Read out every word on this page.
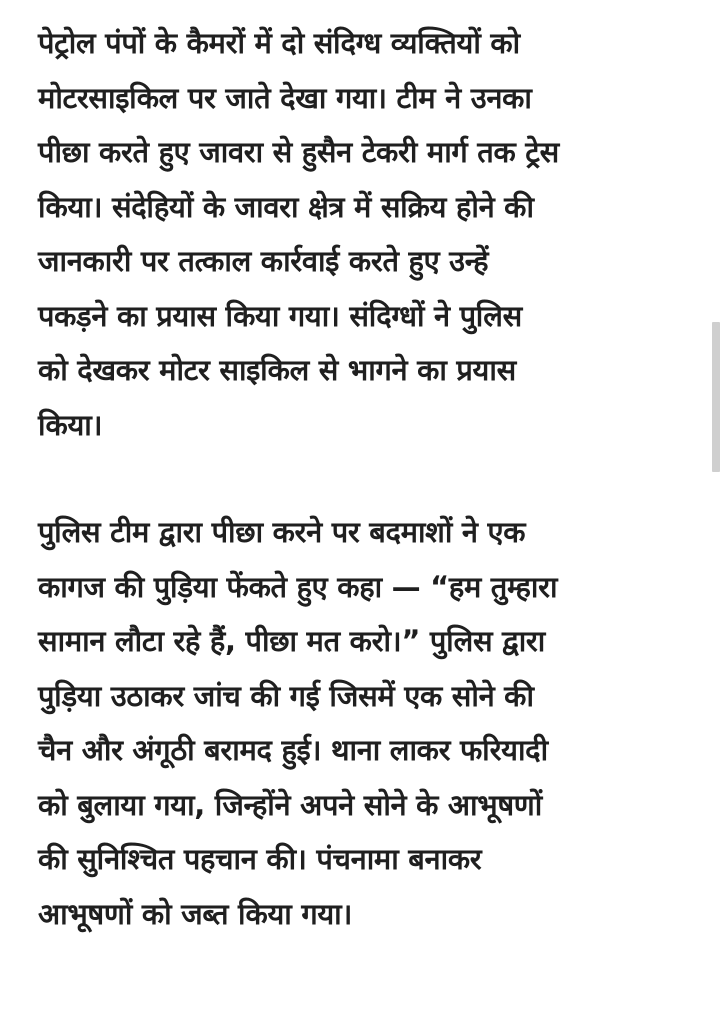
पेट्रोल पंपों के कैमरों में दो संदिग्ध व्यक्तियों को
मोटरसाइकिल पर जाते देखा गया। टीम ने उनका
पीछा करते हुए जावरा से हुसैन टेकरी मार्ग तक ट्रेस
किया। संदेहियों के जावरा क्षेत्र में सक्रिय होने की
जानकारी पर तत्काल कार्रवाई करते हुए उन्हें
पकड़ने का प्रयास किया गया। संदिग्धों ने पुलिस
को देखकर मोटर साइकिल से भागने का प्रयास
किया।

पुलिस टीम द्वारा पीछा करने पर बदमाशों ने एक
कागज की पुड़िया फेंकते हुए कहा — “हम तुम्हारा
सामान लौटा रहे हैं, पीछा मत करो।” पुलिस द्वारा
पुड़िया उठाकर जांच की गई जिसमें एक सोने की
चैन और अंगूठी बरामद हुई। थाना लाकर फरियादी
को बुलाया गया, जिन्होंने अपने सोने के आभूषणों
की सुनिश्चित पहचान की। पंचनामा बनाकर
आभूषणों को जब्त किया गया।
